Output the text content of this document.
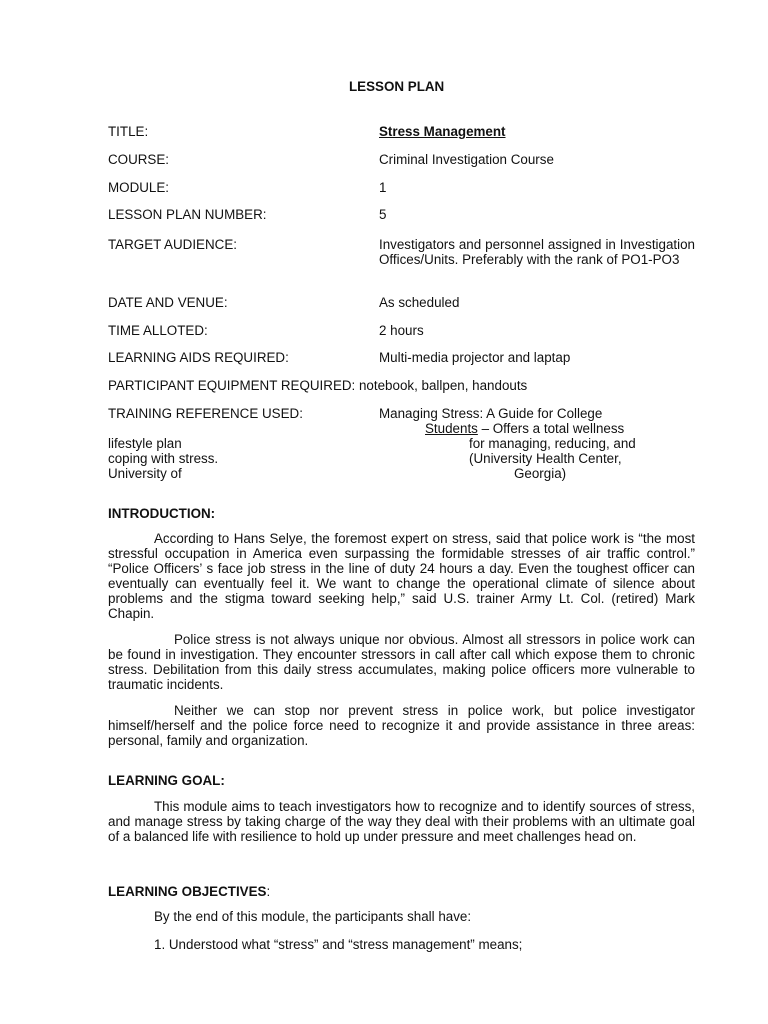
LESSON PLAN
TITLE:	Stress Management
COURSE:	Criminal Investigation Course
MODULE:	1
LESSON PLAN NUMBER:	5
TARGET AUDIENCE:	Investigators and personnel assigned in Investigation Offices/Units. Preferably with the rank of PO1-PO3
DATE AND VENUE:	As scheduled
TIME ALLOTED:	2 hours
LEARNING AIDS REQUIRED:	Multi-media projector and laptap
PARTICIPANT EQUIPMENT REQUIRED: notebook, ballpen, handouts
TRAINING REFERENCE USED:	Managing Stress: A Guide for College
Students – Offers a total wellness
lifestyle plan	for managing, reducing, and
coping with stress.	(University Health Center,
University of	Georgia)
INTRODUCTION:
According to Hans Selye, the foremost expert on stress, said that police work is “the most stressful occupation in America even surpassing the formidable stresses of air traffic control.” “Police Officers’ s face job stress in the line of duty 24 hours a day. Even the toughest officer can eventually can eventually feel it. We want to change the operational climate of silence about problems and the stigma toward seeking help,” said U.S. trainer Army Lt. Col. (retired) Mark Chapin.
Police stress is not always unique nor obvious. Almost all stressors in police work can be found in investigation. They encounter stressors in call after call which expose them to chronic stress. Debilitation from this daily stress accumulates, making police officers more vulnerable to traumatic incidents.
Neither we can stop nor prevent stress in police work, but police investigator himself/herself and the police force need to recognize it and provide assistance in three areas: personal, family and organization.
LEARNING GOAL:
This module aims to teach investigators how to recognize and to identify sources of stress, and manage stress by taking charge of the way they deal with their problems with an ultimate goal of a balanced life with resilience to hold up under pressure and meet challenges head on.
LEARNING OBJECTIVES:
By the end of this module, the participants shall have:
1. Understood what “stress” and “stress management” means;
